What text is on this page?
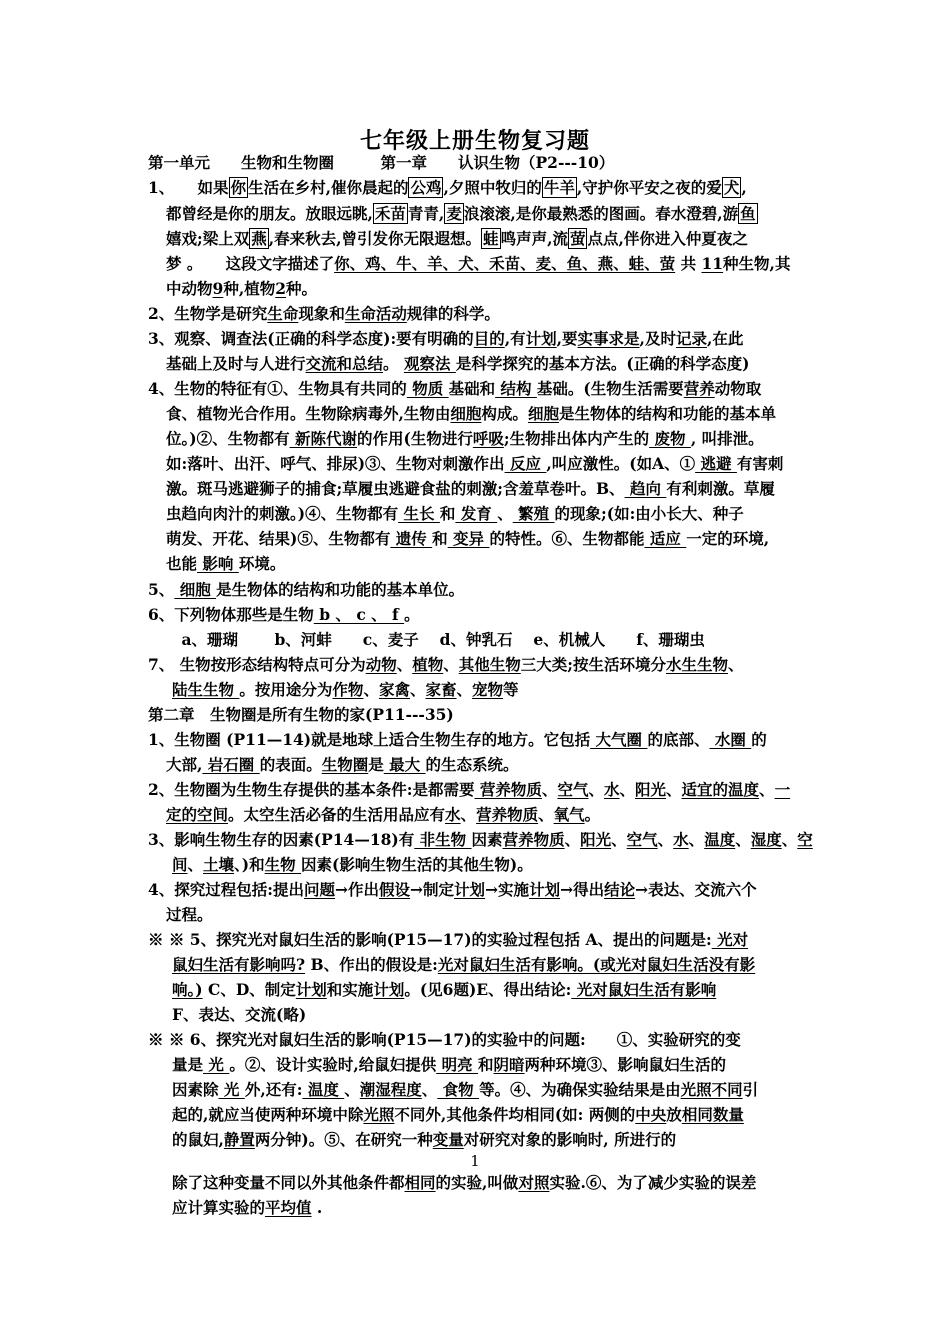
七年级上册生物复习题
第一单元　　生物和生物圈　　　第一章　　认识生物（P2---10）
1、　　如果 你 生活在乡村,催你晨起的 公鸡 ,夕照中牧归的 牛羊 ,守护你平安之夜的爱 犬 ,
都曾经是你的朋友。放眼远眺, 禾苗 青青, 麦 浪滚滚,是你最熟悉的图画。春水澄碧,游 鱼
嬉戏;梁上双 燕 ,春来秋去,曾引发你无限遐想。 蛙 鸣声声,流 萤 点点,伴你进入仲夏夜之
梦 。　　这段文字描述了你、鸡、牛、羊、犬、禾苗、麦、鱼、燕、蛙、萤 共 11种生物,其
中动物9种,植物2种。
2、生物学是研究生命现象和生命活动规律的科学。
3、观察、调查法(正确的科学态度):要有明确的目的,有计划,要实事求是,及时记录,在此
基础上及时与人进行交流和总结。 观察法 是科学探究的基本方法。(正确的科学态度)
4、生物的特征有①、生物具有共同的 物质 基础和 结构 基础。(生物生活需要营养动物取
食、植物光合作用。生物除病毒外,生物由细胞构成。细胞是生物体的结构和功能的基本单
位。)②、生物都有 新陈代谢的作用(生物进行呼吸;生物排出体内产生的 废物 , 叫排泄。
如:落叶、出汗、呼气、排尿)③、生物对刺激作出 反应 ,叫应激性。(如A、① 逃避 有害刺
激。斑马逃避狮子的捕食;草履虫逃避食盐的刺激;含羞草卷叶。B、 趋向 有利刺激。草履
虫趋向肉汁的刺激。)④、生物都有 生长 和 发育 、 繁殖 的现象;(如:由小长大、种子
萌发、开花、结果)⑤、生物都有 遗传 和 变异 的特性。⑥、生物都能 适应 一定的环境,
也能 影响 环境。
5、 细胞 是生物体的结构和功能的基本单位。
6、下列物体那些是生物 b 、 c 、 f 。
　a、珊瑚　　 b、河蚌　　c、麦子　 d、钟乳石　 e、机械人　　f、珊瑚虫
7、 生物按形态结构特点可分为动物、植物、其他生物三大类;按生活环境分水生生物、
陆生生物 。按用途分为作物、家禽、家畜、宠物等
第二章　生物圈是所有生物的家(P11---35)
1、生物圈 (P11—14)就是地球上适合生物生存的地方。它包括 大气圈 的底部、 水圈 的
大部, 岩石圈 的表面。生物圈是 最大 的生态系统。
2、生物圈为生物生存提供的基本条件:是都需要 营养物质、空气、水、阳光、适宜的温度、一
定的空间。太空生活必备的生活用品应有水、营养物质、氧气。
3、影响生物生存的因素(P14—18)有 非生物 因素营养物质、阳光、空气、水、温度、湿度、空
间、土壤、)和生物 因素(影响生物生活的其他生物)。
4、探究过程包括:提出问题→作出假设→制定计划→实施计划→得出结论→表达、交流六个
过程。
※ ※ 5、探究光对鼠妇生活的影响(P15—17)的实验过程包括 A、提出的问题是: 光对
鼠妇生活有影响吗? B、作出的假设是:光对鼠妇生活有影响。(或光对鼠妇生活没有影
响。) C、D、制定计划和实施计划。(见6题)E、得出结论: 光对鼠妇生活有影响
F、表达、交流(略)
※ ※ 6、探究光对鼠妇生活的影响(P15—17)的实验中的问题:　　①、实验研究的变
量是 光 。②、设计实验时,给鼠妇提供 明亮 和阴暗两种环境③、影响鼠妇生活的
因素除 光 外,还有: 温度 、潮湿程度、 食物 等。④、为确保实验结果是由光照不同引
起的,就应当使两种环境中除光照不同外,其他条件均相同(如: 两侧的中央放相同数量
的鼠妇,静置两分钟)。⑤、在研究一种变量对研究对象的影响时, 所进行的
1
除了这种变量不同以外其他条件都相同的实验,叫做对照实验.⑥、为了减少实验的误差
应计算实验的平均值 .
